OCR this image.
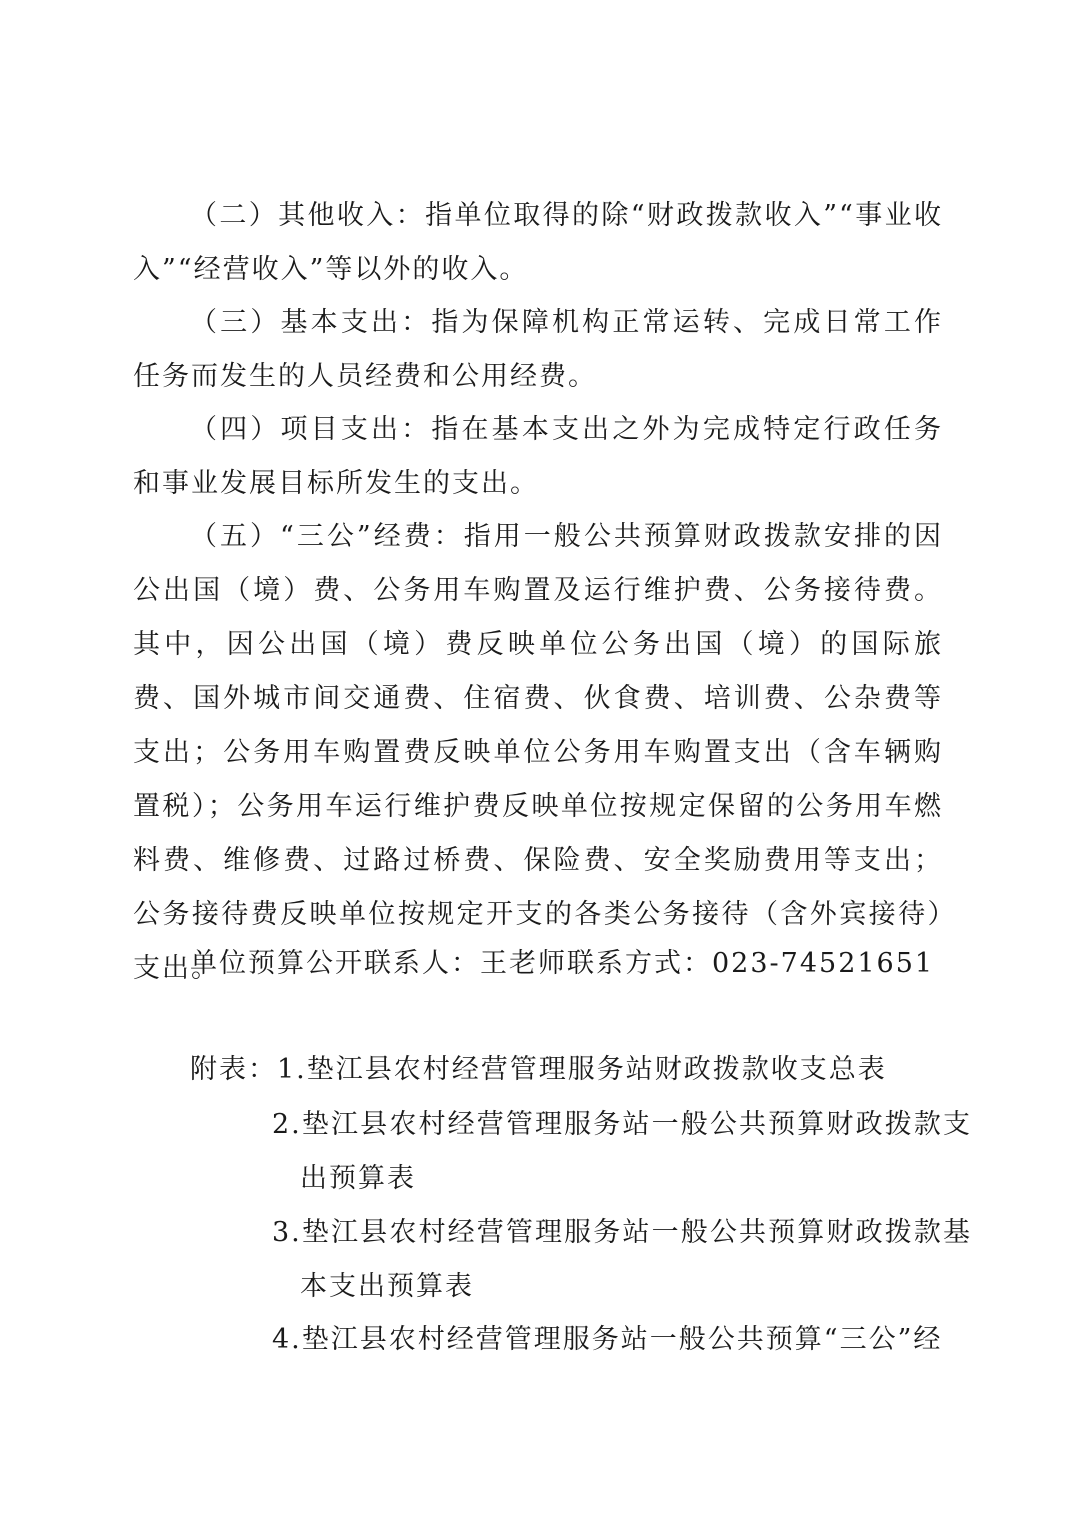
（二）其他收入：指单位取得的除“财政拨款收入”“事业收入”“经营收入”等以外的收入。

（三）基本支出：指为保障机构正常运转、完成日常工作任务而发生的人员经费和公用经费。

（四）项目支出：指在基本支出之外为完成特定行政任务和事业发展目标所发生的支出。

（五）“三公”经费：指用一般公共预算财政拨款安排的因公出国（境）费、公务用车购置及运行维护费、公务接待费。其中，因公出国（境）费反映单位公务出国（境）的国际旅费、国外城市间交通费、住宿费、伙食费、培训费、公杂费等支出；公务用车购置费反映单位公务用车购置支出（含车辆购置税）；公务用车运行维护费反映单位按规定保留的公务用车燃料费、维修费、过路过桥费、保险费、安全奖励费用等支出；公务接待费反映单位按规定开支的各类公务接待（含外宾接待）支出。

单位预算公开联系人：王老师联系方式：023-74521651
附表：1.垫江县农村经营管理服务站财政拨款收支总表

2.垫江县农村经营管理服务站一般公共预算财政拨款支出预算表

3.垫江县农村经营管理服务站一般公共预算财政拨款基本支出预算表

4.垫江县农村经营管理服务站一般公共预算“三公”经
